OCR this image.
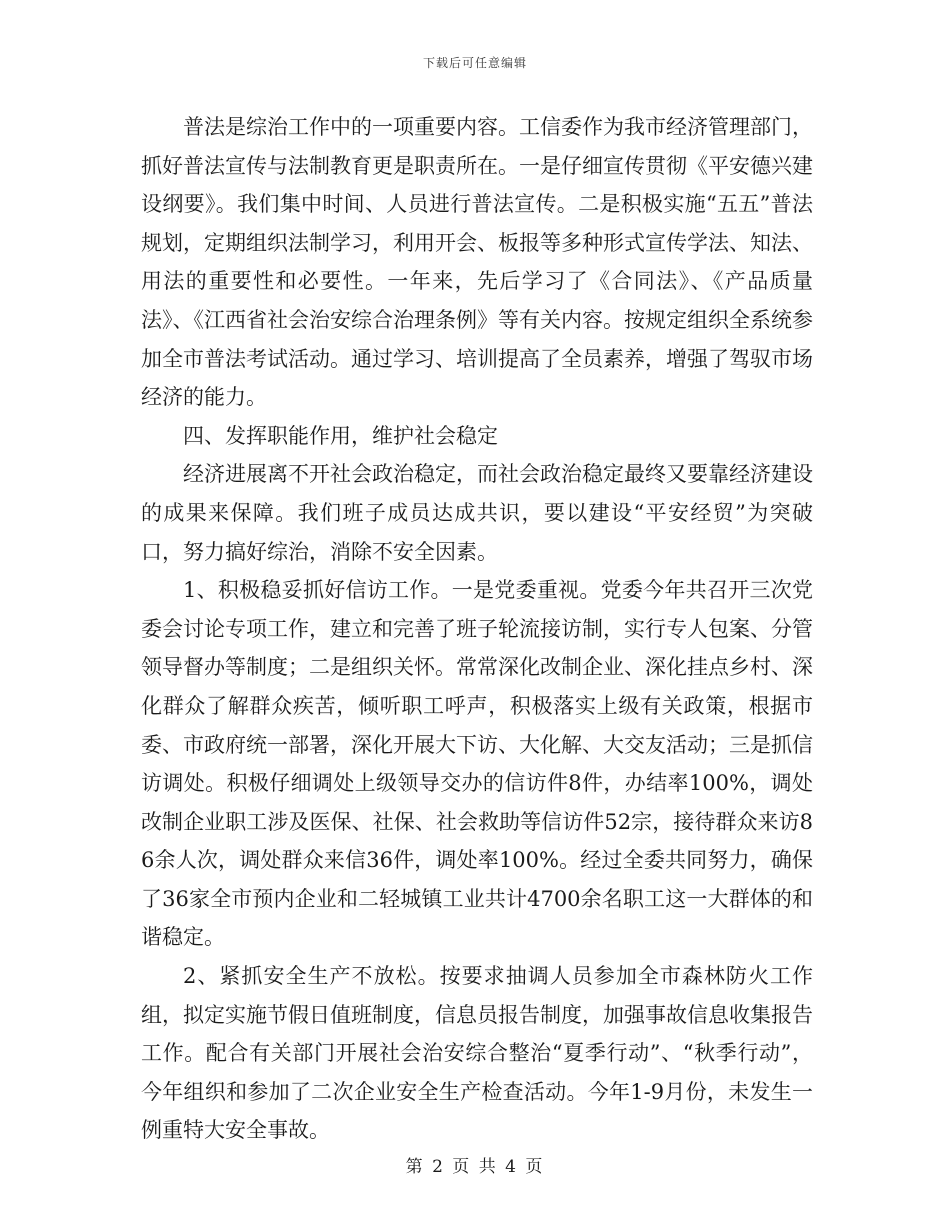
下载后可任意编辑

普法是综治工作中的一项重要内容。工信委作为我市经济管理部门，抓好普法宣传与法制教育更是职责所在。一是仔细宣传贯彻《平安德兴建设纲要》。我们集中时间、人员进行普法宣传。二是积极实施“五五”普法规划，定期组织法制学习，利用开会、板报等多种形式宣传学法、知法、用法的重要性和必要性。一年来，先后学习了《合同法》、《产品质量法》、《江西省社会治安综合治理条例》等有关内容。按规定组织全系统参加全市普法考试活动。通过学习、培训提高了全员素养，增强了驾驭市场经济的能力。

四、发挥职能作用，维护社会稳定

经济进展离不开社会政治稳定，而社会政治稳定最终又要靠经济建设的成果来保障。我们班子成员达成共识，要以建设“平安经贸”为突破口，努力搞好综治，消除不安全因素。

1、积极稳妥抓好信访工作。一是党委重视。党委今年共召开三次党委会讨论专项工作，建立和完善了班子轮流接访制，实行专人包案、分管领导督办等制度；二是组织关怀。常常深化改制企业、深化挂点乡村、深化群众了解群众疾苦，倾听职工呼声，积极落实上级有关政策，根据市委、市政府统一部署，深化开展大下访、大化解、大交友活动；三是抓信访调处。积极仔细调处上级领导交办的信访件8件，办结率100%，调处改制企业职工涉及医保、社保、社会救助等信访件52宗，接待群众来访86余人次，调处群众来信36件，调处率100%。经过全委共同努力，确保了36家全市预内企业和二轻城镇工业共计4700余名职工这一大群体的和谐稳定。

2、紧抓安全生产不放松。按要求抽调人员参加全市森林防火工作组，拟定实施节假日值班制度，信息员报告制度，加强事故信息收集报告工作。配合有关部门开展社会治安综合整治“夏季行动”、“秋季行动”，今年组织和参加了二次企业安全生产检查活动。今年1-9月份，未发生一例重特大安全事故。

第 2 页 共 4 页
